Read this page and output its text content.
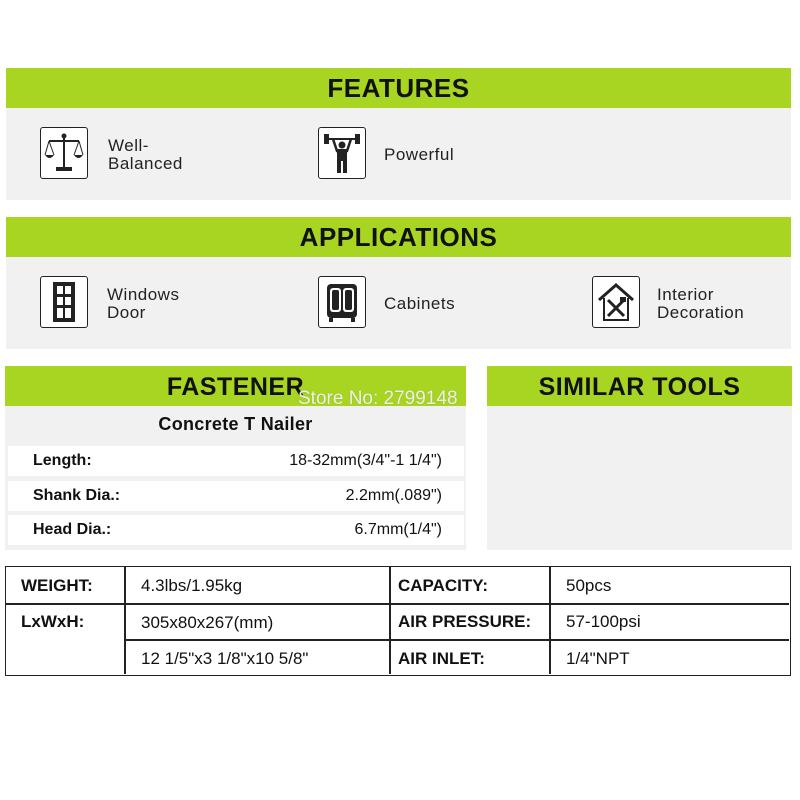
FEATURES
Well-
Balanced	Powerful
APPLICATIONS
Windows
Door	Cabinets	Interior
Decoration
FASTENER
Concrete T Nailer
Length:	18-32mm(3/4"-1 1/4")
Shank Dia.:	2.2mm(.089")
Head Dia.:	6.7mm(1/4")
SIMILAR TOOLS
Store No: 2799148
WEIGHT:	4.3lbs/1.95kg	CAPACITY:	50pcs
LxWxH:	305x80x267(mm)	AIR PRESSURE: 57-100psi
12 1/5"x3 1/8"x10 5/8"	AIR INLET:	1/4"NPT
